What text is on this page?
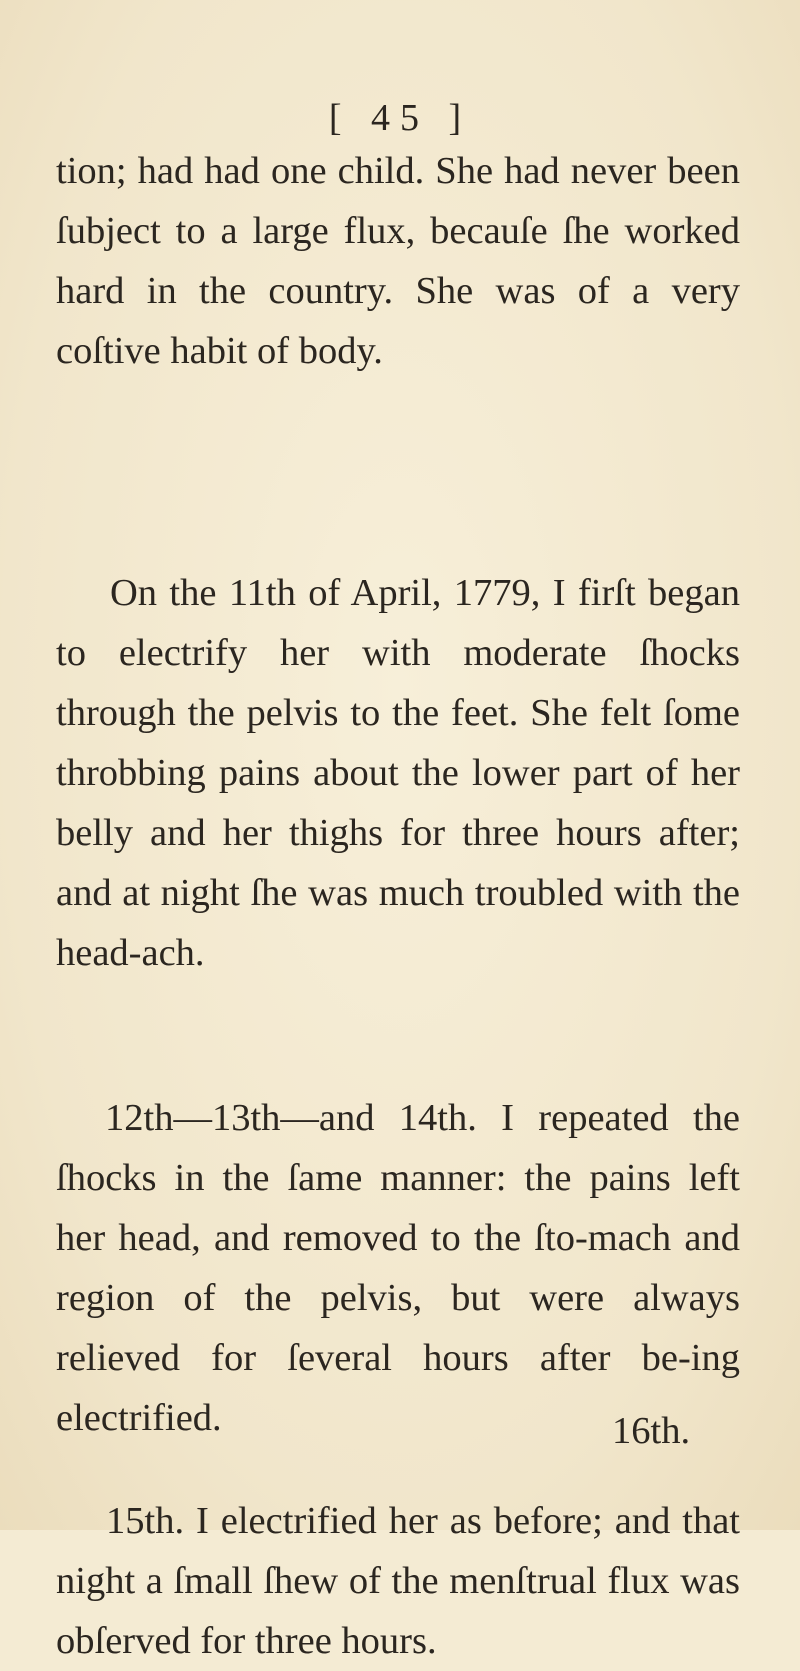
[ 45 ]

tion; had had one child. She had never been ſubject to a large flux, becauſe ſhe worked hard in the country. She was of a very coſtive habit of body.

On the 11th of April, 1779, I firſt began to electrify her with moderate ſhocks through the pelvis to the feet. She felt ſome throbbing pains about the lower part of her belly and her thighs for three hours after; and at night ſhe was much troubled with the head-ach.

12th—13th—and 14th. I repeated the ſhocks in the ſame manner: the pains left her head, and removed to the ſto-mach and region of the pelvis, but were always relieved for ſeveral hours after be-ing electrified.

15th. I electrified her as before; and that night a ſmall ſhew of the menſtrual flux was obſerved for three hours.

16th.
